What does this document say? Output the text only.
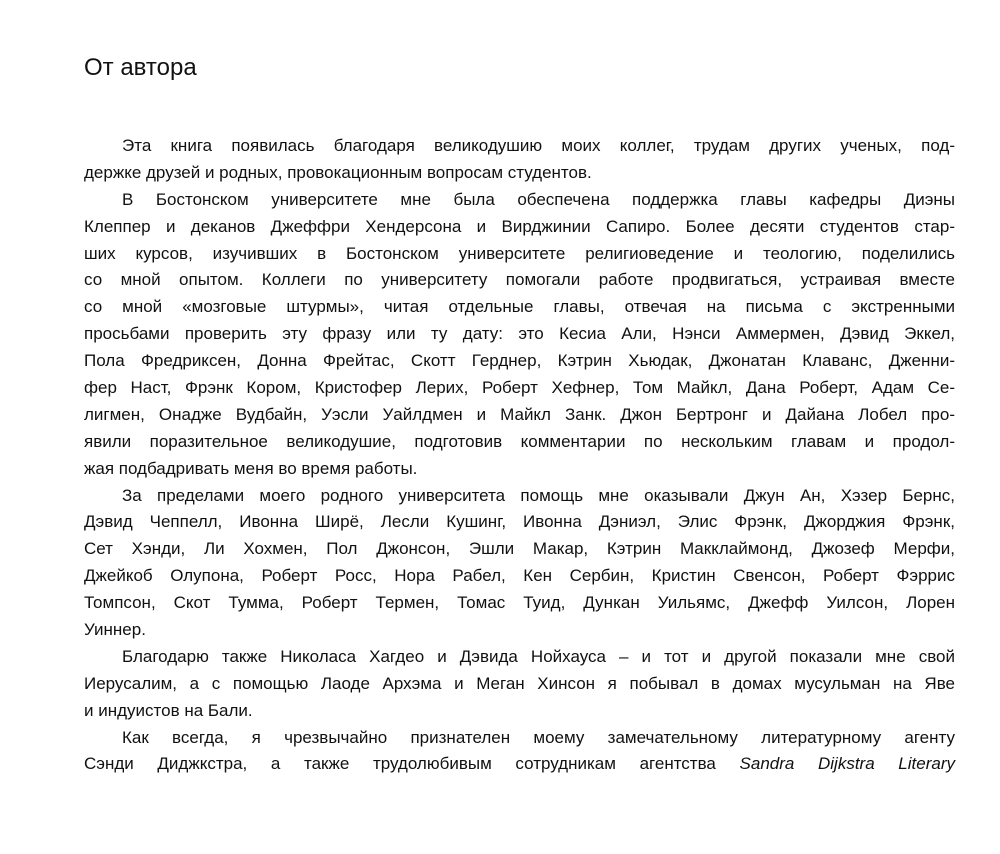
От автора
Эта книга появилась благодаря великодушию моих коллег, трудам других ученых, под-
держке друзей и родных, провокационным вопросам студентов.
В Бостонском университете мне была обеспечена поддержка главы кафедры Диэны
Клеппер и деканов Джеффри Хендерсона и Вирджинии Сапиро. Более десяти студентов стар-
ших курсов, изучивших в Бостонском университете религиоведение и теологию, поделились
со мной опытом. Коллеги по университету помогали работе продвигаться, устраивая вместе
со мной «мозговые штурмы», читая отдельные главы, отвечая на письма с экстренными
просьбами проверить эту фразу или ту дату: это Кесиа Али, Нэнси Аммермен, Дэвид Эккел,
Пола Фредриксен, Донна Фрейтас, Скотт Герднер, Кэтрин Хьюдак, Джонатан Клаванс, Дженни-
фер Наст, Фрэнк Кором, Кристофер Лерих, Роберт Хефнер, Том Майкл, Дана Роберт, Адам Се-
лигмен, Онадже Вудбайн, Уэсли Уайлдмен и Майкл Занк. Джон Бертронг и Дайана Лобел про-
явили поразительное великодушие, подготовив комментарии по нескольким главам и продол-
жая подбадривать меня во время работы.
За пределами моего родного университета помощь мне оказывали Джун Ан, Хэзер Бернс,
Дэвид Чеппелл, Ивонна Ширё, Лесли Кушинг, Ивонна Дэниэл, Элис Фрэнк, Джорджия Фрэнк,
Сет Хэнди, Ли Хохмен, Пол Джонсон, Эшли Макар, Кэтрин Макклаймонд, Джозеф Мерфи,
Джейкоб Олупона, Роберт Росс, Нора Рабел, Кен Сербин, Кристин Свенсон, Роберт Фэррис
Томпсон, Скот Тумма, Роберт Термен, Томас Туид, Дункан Уильямс, Джефф Уилсон, Лорен
Уиннер.
Благодарю также Николаса Хагдео и Дэвида Нойхауса – и тот и другой показали мне свой
Иерусалим, а с помощью Лаоде Архэма и Меган Хинсон я побывал в домах мусульман на Яве
и индуистов на Бали.
Как всегда, я чрезвычайно признателен моему замечательному литературному агенту
Сэнди Диджкстра, а также трудолюбивым сотрудникам агентства Sandra Dijkstra Literary
